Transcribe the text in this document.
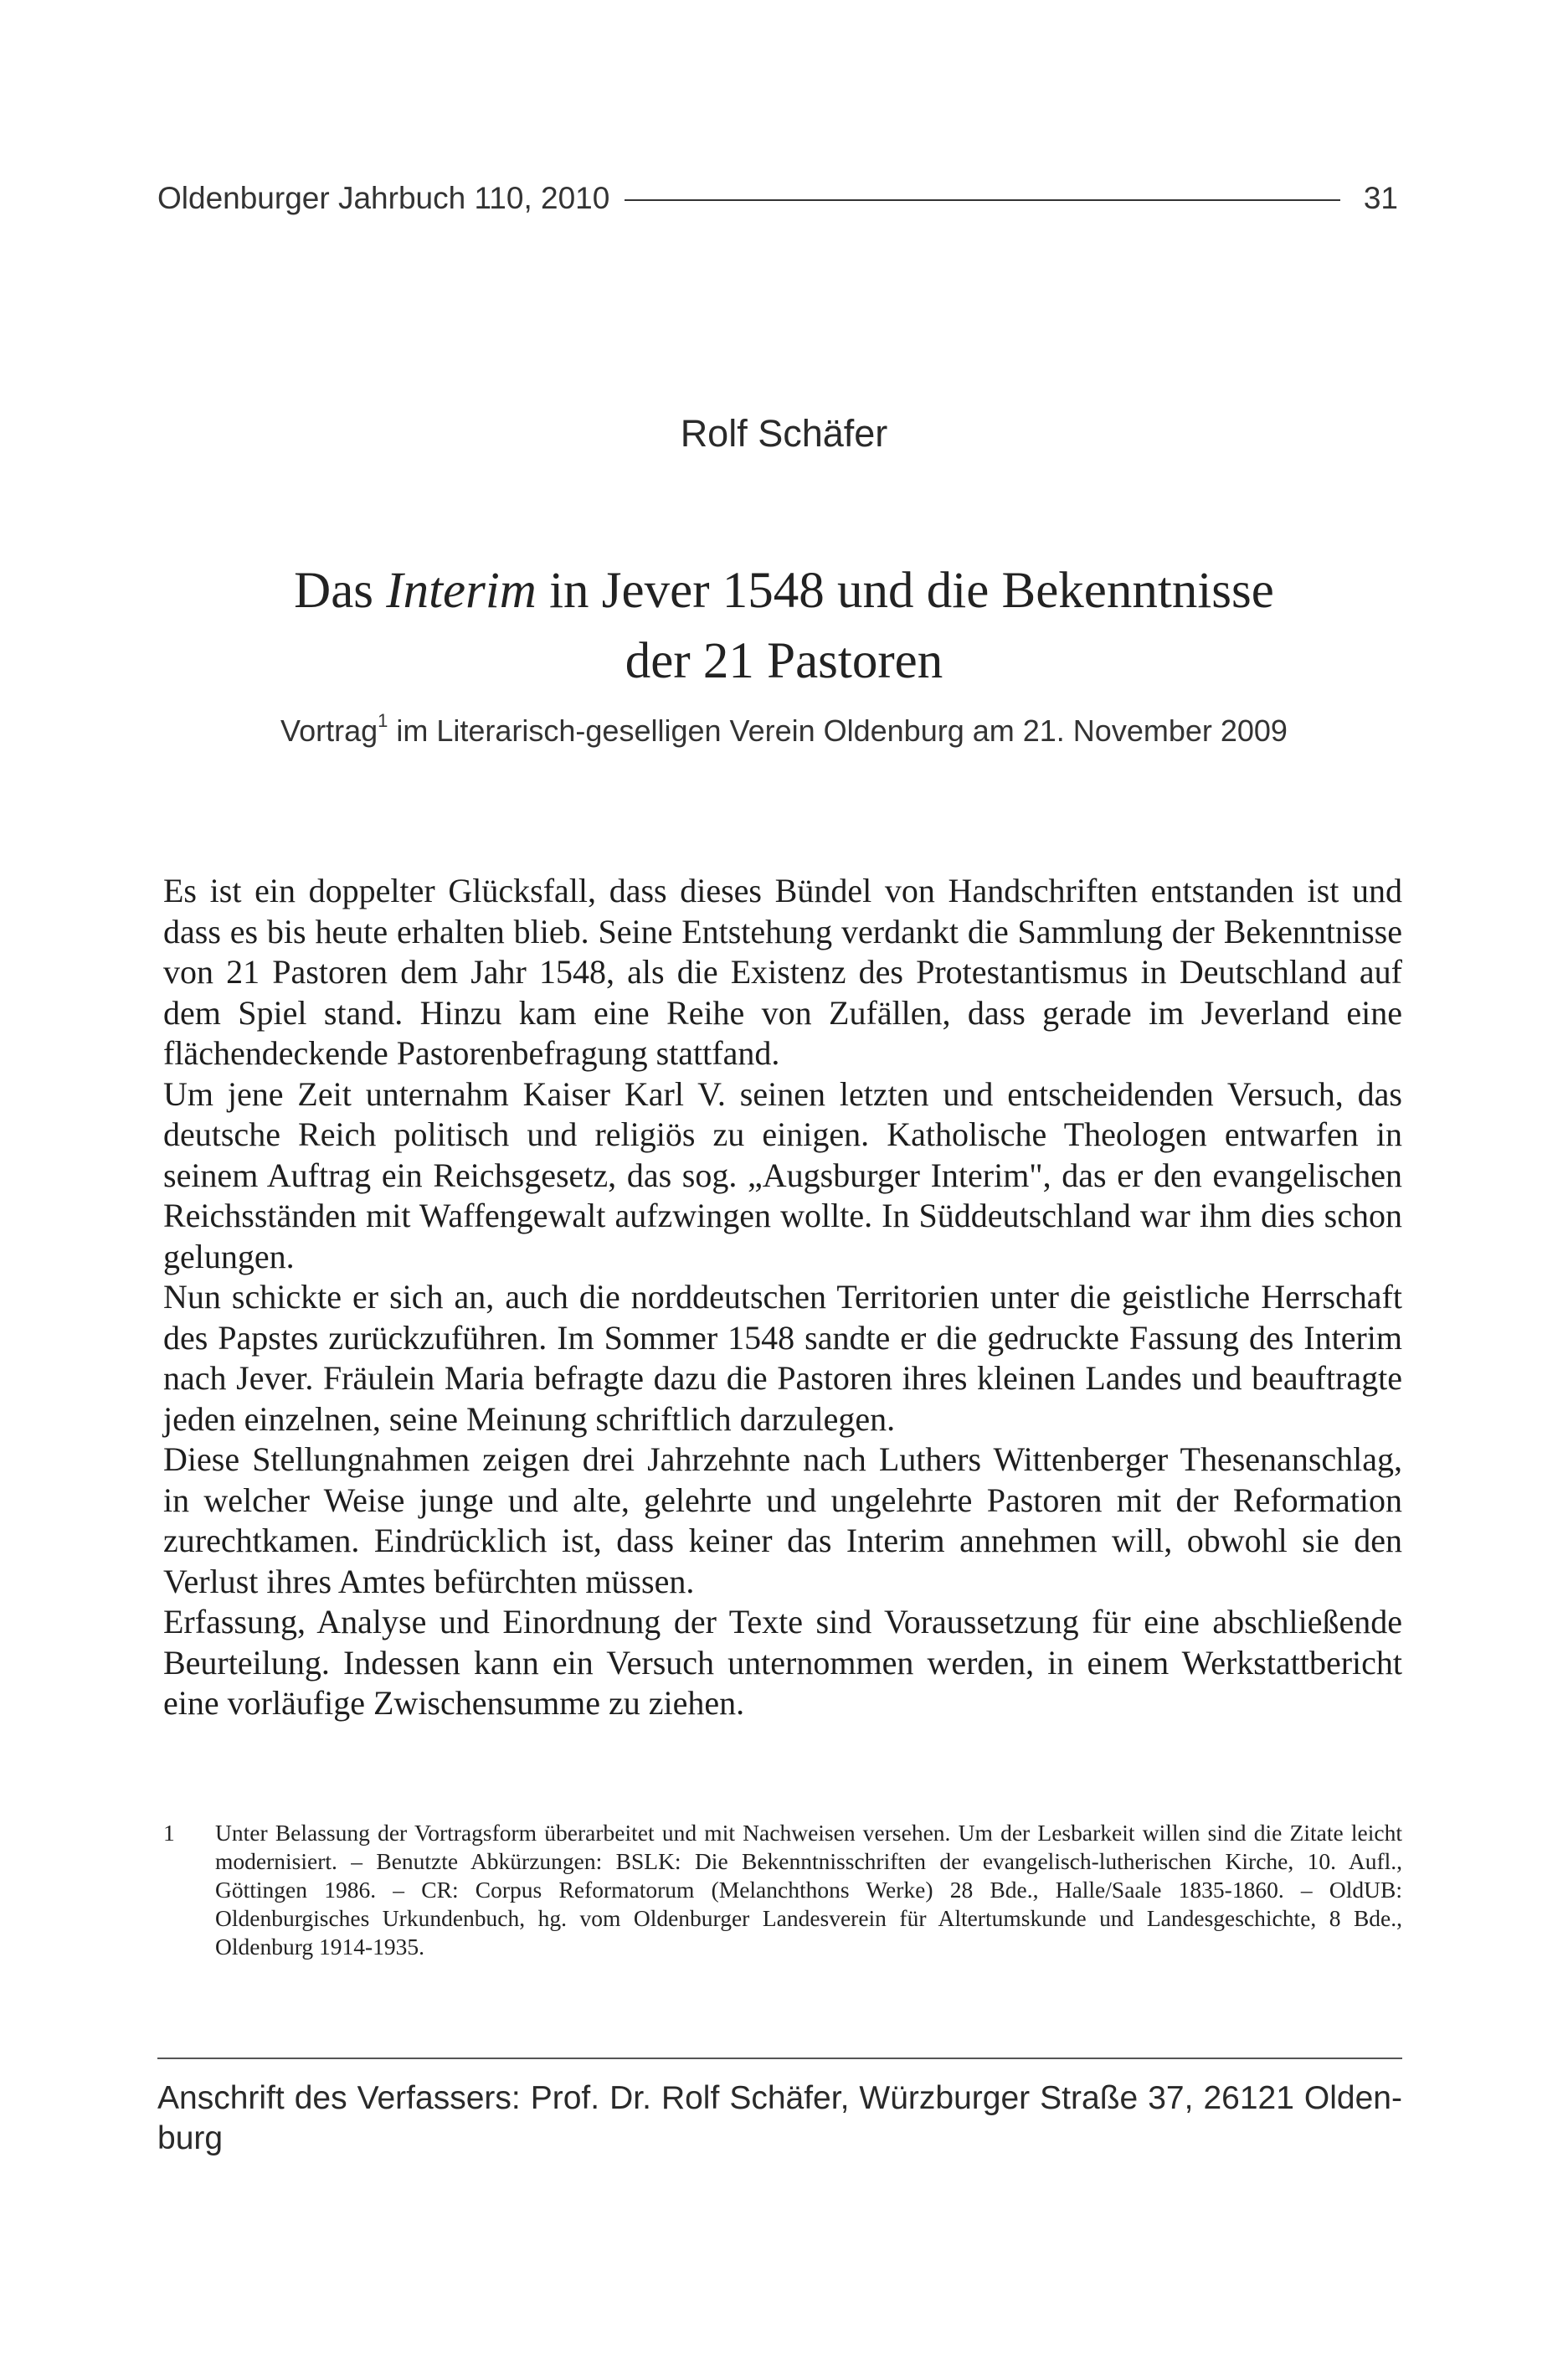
Oldenburger Jahrbuch 110, 2010	31
Rolf Schäfer
Das Interim in Jever 1548 und die Bekenntnisse
der 21 Pastoren
Vortrag$^1$ im Literarisch-geselligen Verein Oldenburg am 21. November 2009

Es ist ein doppelter Glücksfall, dass dieses Bündel von Handschriften entstanden ist und dass es bis heute erhalten blieb. Seine Entstehung verdankt die Sammlung der Bekenntnisse von 21 Pastoren dem Jahr 1548, als die Existenz des Protestantismus in Deutschland auf dem Spiel stand. Hinzu kam eine Reihe von Zufällen, dass gerade im Jeverland eine flächendeckende Pastorenbefragung stattfand.

Um jene Zeit unternahm Kaiser Karl V. seinen letzten und entscheidenden Versuch, das deutsche Reich politisch und religiös zu einigen. Katholische Theologen entwarfen in seinem Auftrag ein Reichsgesetz, das sog. „Augsburger Interim", das er den evangelischen Reichsständen mit Waffengewalt aufzwingen wollte. In Süddeutschland war ihm dies schon gelungen.

Nun schickte er sich an, auch die norddeutschen Territorien unter die geistliche Herrschaft des Papstes zurückzuführen. Im Sommer 1548 sandte er die gedruckte Fassung des Interim nach Jever. Fräulein Maria befragte dazu die Pastoren ihres kleinen Landes und beauftragte jeden einzelnen, seine Meinung schriftlich darzulegen.

Diese Stellungnahmen zeigen drei Jahrzehnte nach Luthers Wittenberger Thesenanschlag, in welcher Weise junge und alte, gelehrte und ungelehrte Pastoren mit der Reformation zurechtkamen. Eindrücklich ist, dass keiner das Interim annehmen will, obwohl sie den Verlust ihres Amtes befürchten müssen.

Erfassung, Analyse und Einordnung der Texte sind Voraussetzung für eine abschließende Beurteilung. Indessen kann ein Versuch unternommen werden, in einem Werkstattbericht eine vorläufige Zwischensumme zu ziehen.

1	Unter Belassung der Vortragsform überarbeitet und mit Nachweisen versehen. Um der Lesbarkeit willen sind die Zitate leicht modernisiert. – Benutzte Abkürzungen: BSLK: Die Bekenntnisschriften der evangelisch-lutherischen Kirche, 10. Aufl., Göttingen 1986. – CR: Corpus Reformatorum (Melanchthons Werke) 28 Bde., Halle/Saale 1835-1860. – OldUB: Oldenburgisches Urkundenbuch, hg. vom Oldenburger Landesverein für Altertumskunde und Landesgeschichte, 8 Bde., Oldenburg 1914-1935.
Anschrift des Verfassers: Prof. Dr. Rolf Schäfer, Würzburger Straße 37, 26121 Oldenburg
